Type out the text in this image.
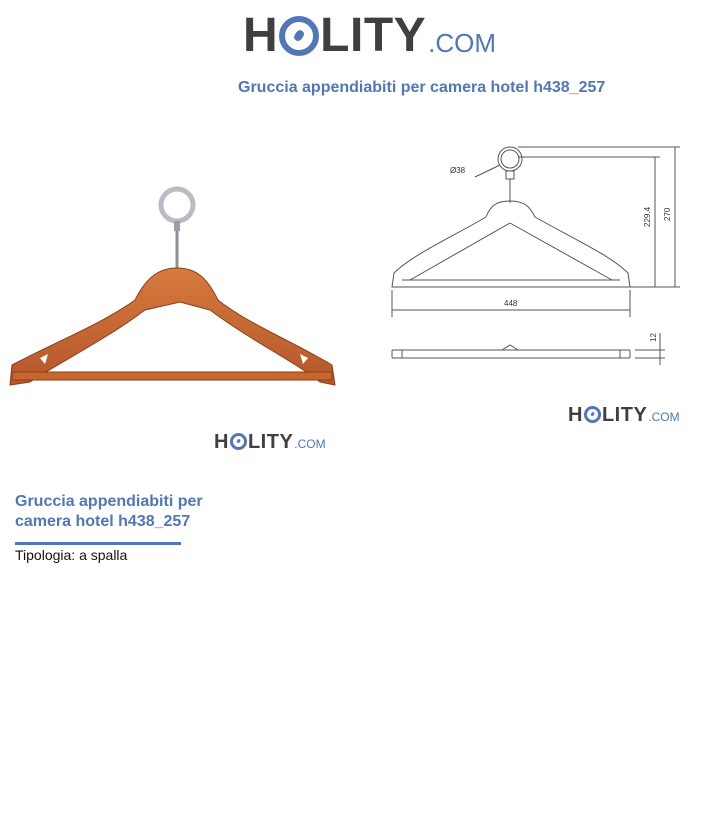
H LITY .COM
Gruccia appendiabiti per camera hotel h438_257
H LITY .COM
Ø38
229.4 270
448
12
H LITY .COM
Gruccia appendiabiti per camera hotel h438_257
Tipologia: a spalla
